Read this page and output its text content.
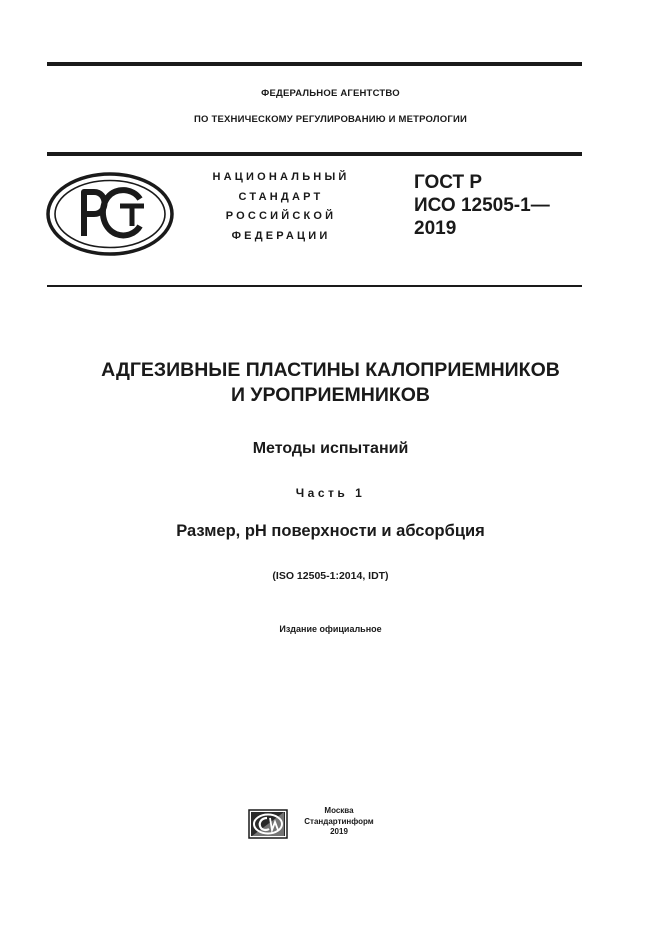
ФЕДЕРАЛЬНОЕ АГЕНТСТВО
ПО ТЕХНИЧЕСКОМУ РЕГУЛИРОВАНИЮ И МЕТРОЛОГИИ
НАЦИОНАЛЬНЫЙ
СТАНДАРТ
РОССИЙСКОЙ
ФЕДЕРАЦИИ
ГОСТ Р
ИСО 12505-1—
2019
АДГЕЗИВНЫЕ ПЛАСТИНЫ КАЛОПРИЕМНИКОВ
И УРОПРИЕМНИКОВ
Методы испытаний
Часть 1
Размер, pH поверхности и абсорбция
(ISO 12505-1:2014, IDT)
Издание официальное
Москва
Стандартинформ
2019
